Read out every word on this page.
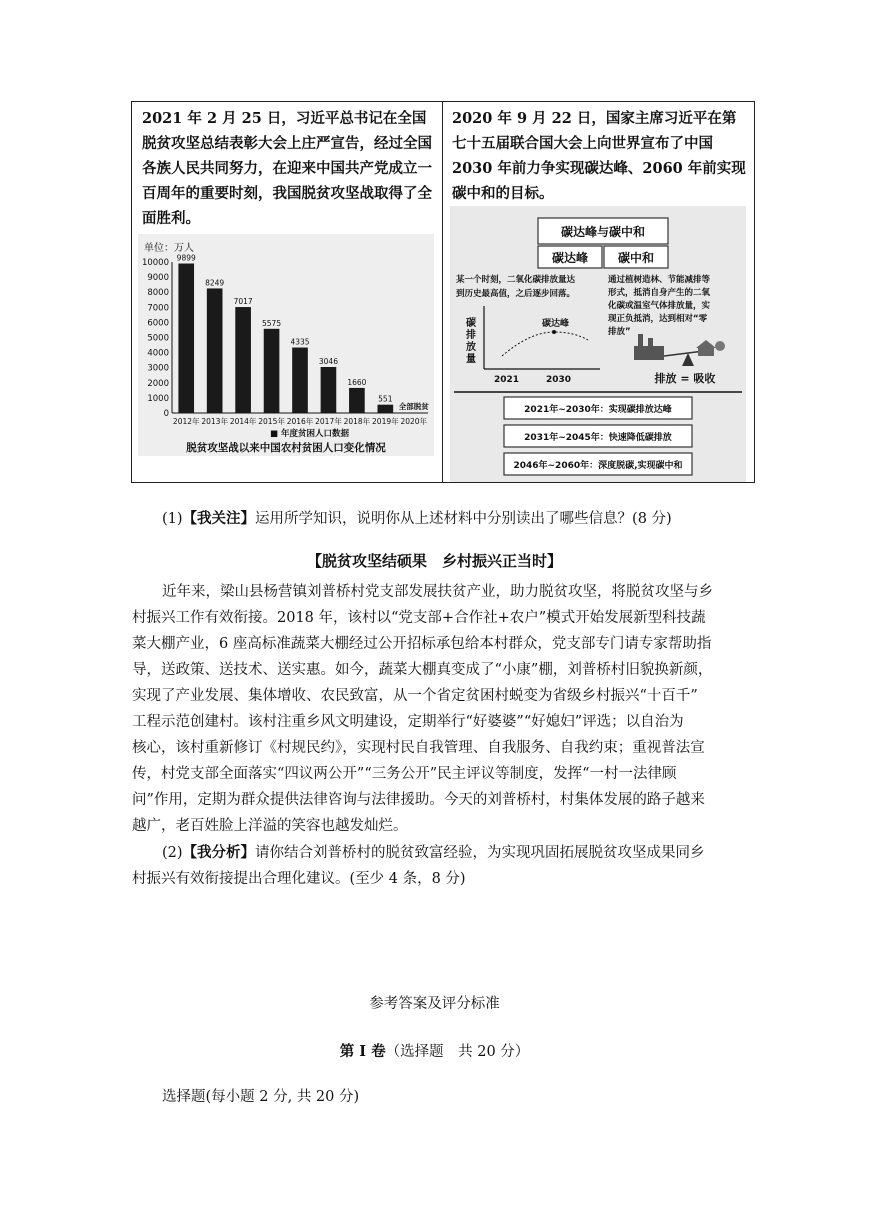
2021 年 2 月 25 日，习近平总书记在全国脱贫攻坚总结表彰大会上庄严宣告，经过全国各族人民共同努力，在迎来中国共产党成立一百周年的重要时刻，我国脱贫攻坚战取得了全面胜利。
单位：万人
0
1000
2000
3000
4000
5000
6000
7000
8000
9000
10000 9899
8249
7017
5575
4335
3046
1660
551
全部脱贫
2012年 2013年 2014年 2015年 2016年 2017年 2018年 2019年 2020年
■ 年度贫困人口数据
脱贫攻坚战以来中国农村贫困人口变化情况
2020 年 9 月 22 日，国家主席习近平在第七十五届联合国大会上向世界宣布了中国 2030 年前力争实现碳达峰、2060 年前实现碳中和的目标。
碳达峰与碳中和
碳达峰 碳中和
某一个时刻，二氧化碳排放量达
到历史最高值，之后逐步回落。
通过植树造林、节能减排等
形式，抵消自身产生的二氧
化碳或温室气体排放量，实
现正负抵消，达到相对“零
排放”
碳 排 放 量
碳达峰
2021	2030	排放 = 吸收
2021年~2030年：实现碳排放达峰
2031年~2045年：快速降低碳排放
2046年~2060年：深度脱碳,实现碳中和
(1)【我关注】运用所学知识，说明你从上述材料中分别读出了哪些信息？(8 分)
【脱贫攻坚结硕果　乡村振兴正当时】
近年来，梁山县杨营镇刘普桥村党支部发展扶贫产业，助力脱贫攻坚，将脱贫攻坚与乡
村振兴工作有效衔接。2018 年，该村以“党支部+合作社+农户”模式开始发展新型科技蔬
菜大棚产业，6 座高标准蔬菜大棚经过公开招标承包给本村群众，党支部专门请专家帮助指
导，送政策、送技术、送实惠。如今，蔬菜大棚真变成了“小康”棚，刘普桥村旧貌换新颜，
实现了产业发展、集体增收、农民致富，从一个省定贫困村蜕变为省级乡村振兴“十百千”
工程示范创建村。该村注重乡风文明建设，定期举行“好婆婆”“好媳妇”评选；以自治为
核心，该村重新修订《村规民约》，实现村民自我管理、自我服务、自我约束；重视普法宣
传，村党支部全面落实“四议两公开”“三务公开”民主评议等制度，发挥“一村一法律顾
问”作用，定期为群众提供法律咨询与法律援助。今天的刘普桥村，村集体发展的路子越来
越广，老百姓脸上洋溢的笑容也越发灿烂。
(2)【我分析】请你结合刘普桥村的脱贫致富经验，为实现巩固拓展脱贫攻坚成果同乡
村振兴有效衔接提出合理化建议。(至少 4 条，8 分)
参考答案及评分标准
第 I 卷（选择题　共 20 分）
选择题(每小题 2 分, 共 20 分)
